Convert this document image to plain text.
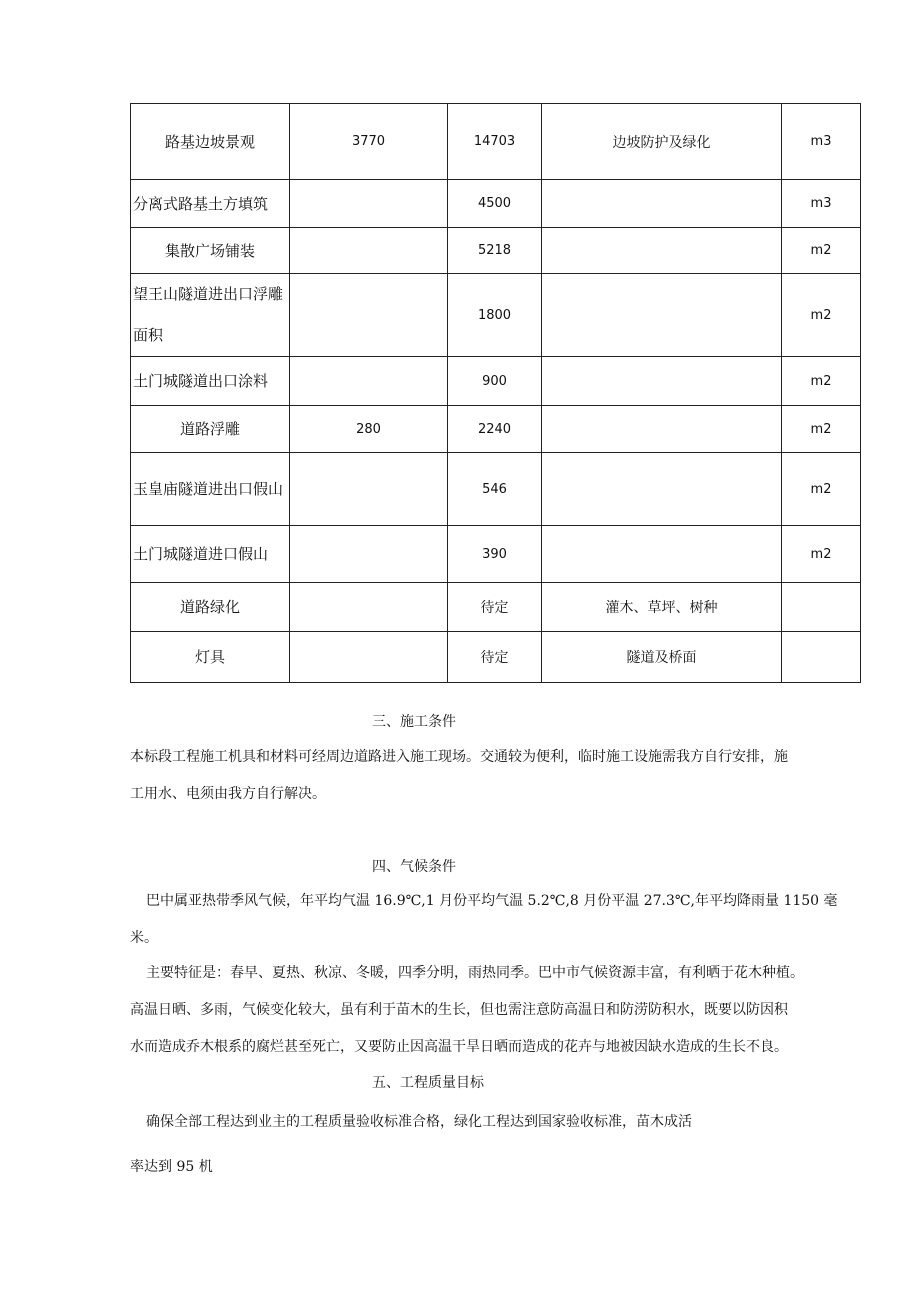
路基边坡景观	3770	14703	边坡防护及绿化	m3
分离式路基土方填筑		4500		m3
集散广场铺装		5218		m2
望王山隧道进出口浮雕面积		1800		m2
土门城隧道出口涂料		900		m2
道路浮雕	280	2240		m2
玉皇庙隧道进出口假山		546		m2
土门城隧道进口假山		390		m2
道路绿化		待定	灌木、草坪、树种	
灯具		待定	隧道及桥面	
三、施工条件
本标段工程施工机具和材料可经周边道路进入施工现场。交通较为便利，临时施工设施需我方自行安排，施
工用水、电须由我方自行解决。
四、气候条件
巴中属亚热带季风气候，年平均气温 16.9℃,1 月份平均气温 5.2℃,8 月份平温 27.3℃,年平均降雨量 1150 毫
米。
主要特征是：春早、夏热、秋凉、冬暖，四季分明，雨热同季。巴中市气候资源丰富，有利晒于花木种植。
高温日晒、多雨，气候变化较大，虽有利于苗木的生长，但也需注意防高温日和防涝防积水，既要以防因积
水而造成乔木根系的腐烂甚至死亡，又要防止因高温干旱日晒而造成的花卉与地被因缺水造成的生长不良。
五、工程质量目标
确保全部工程达到业主的工程质量验收标准合格，绿化工程达到国家验收标准，苗木成活
率达到 95 机
